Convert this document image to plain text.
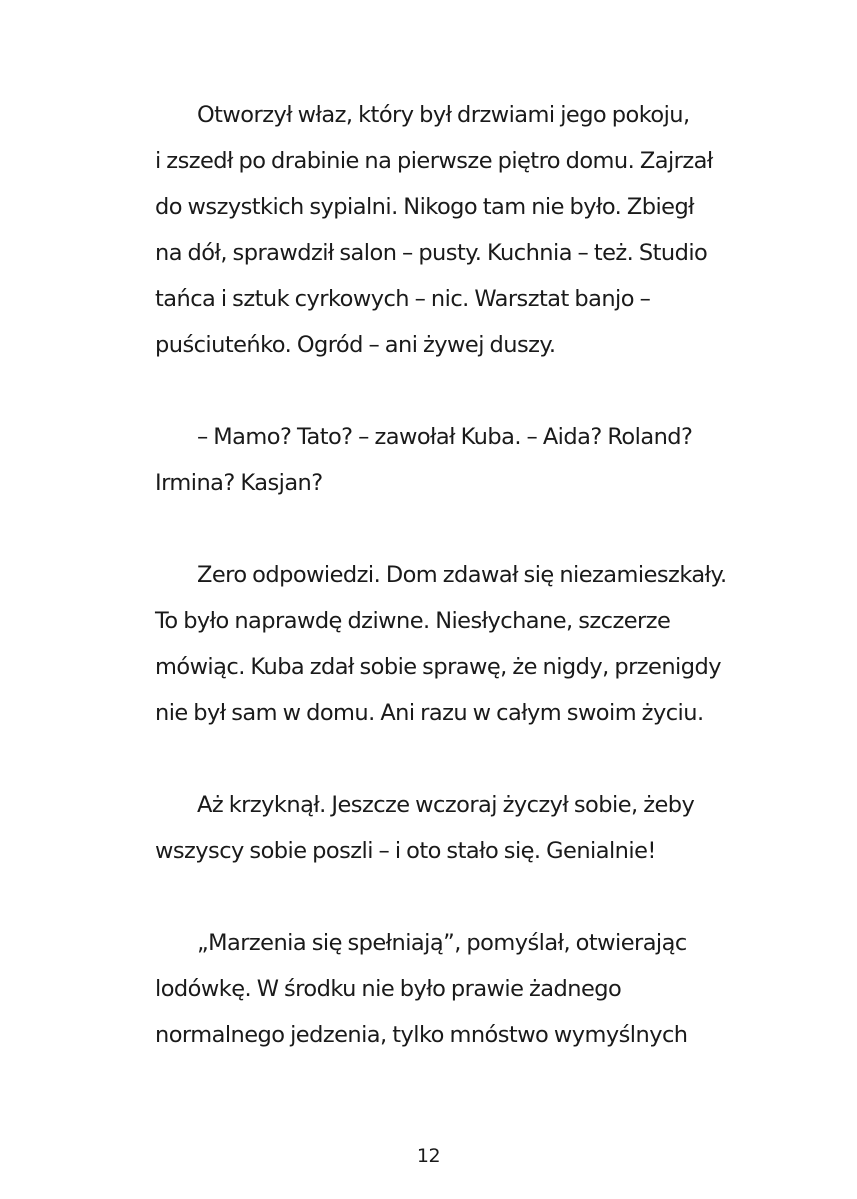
Otworzył właz, który był drzwiami jego pokoju,
i zszedł po drabinie na pierwsze piętro domu. Zajrzał
do wszystkich sypialni. Nikogo tam nie było. Zbiegł
na dół, sprawdził salon – pusty. Kuchnia – też. Studio
tańca i sztuk cyrkowych – nic. Warsztat banjo –
puściuteńko. Ogród – ani żywej duszy.

– Mamo? Tato? – zawołał Kuba. – Aida? Roland?
Irmina? Kasjan?

Zero odpowiedzi. Dom zdawał się niezamieszkały.
To było naprawdę dziwne. Niesłychane, szczerze
mówiąc. Kuba zdał sobie sprawę, że nigdy, przenigdy
nie był sam w domu. Ani razu w całym swoim życiu.

Aż krzyknął. Jeszcze wczoraj życzył sobie, żeby
wszyscy sobie poszli – i oto stało się. Genialnie!

„Marzenia się spełniają”, pomyślał, otwierając
lodówkę. W środku nie było prawie żadnego
normalnego jedzenia, tylko mnóstwo wymyślnych

12
